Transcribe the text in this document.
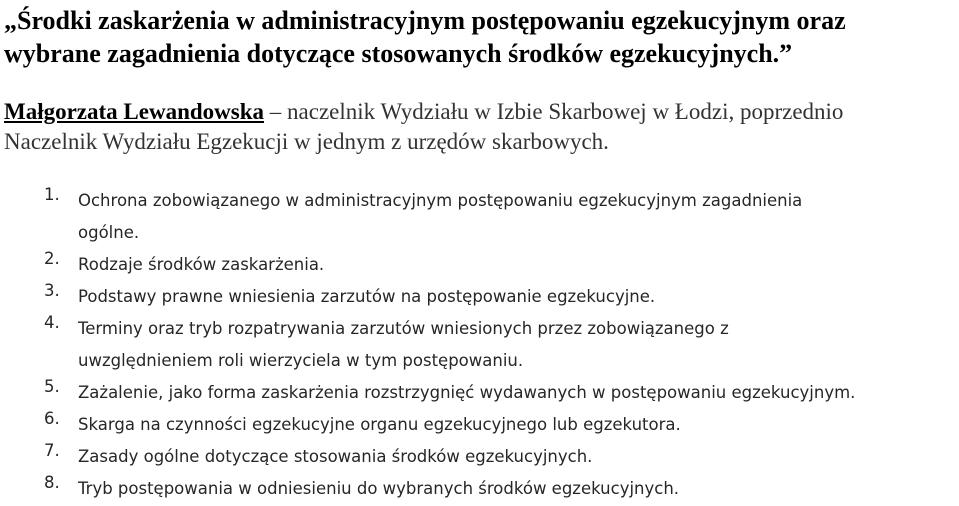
„Środki zaskarżenia w administracyjnym postępowaniu egzekucyjnym oraz
wybrane zagadnienia dotyczące stosowanych środków egzekucyjnych.”
Małgorzata Lewandowska – naczelnik Wydziału w Izbie Skarbowej w Łodzi, poprzednio
Naczelnik Wydziału Egzekucji w jednym z urzędów skarbowych.
1. Ochrona zobowiązanego w administracyjnym postępowaniu egzekucyjnym zagadnienia
ogólne.
2. Rodzaje środków zaskarżenia.
3. Podstawy prawne wniesienia zarzutów na postępowanie egzekucyjne.
4. Terminy oraz tryb rozpatrywania zarzutów wniesionych przez zobowiązanego z
uwzględnieniem roli wierzyciela w tym postępowaniu.
5. Zażalenie, jako forma zaskarżenia rozstrzygnięć wydawanych w postępowaniu egzekucyjnym.
6. Skarga na czynności egzekucyjne organu egzekucyjnego lub egzekutora.
7. Zasady ogólne dotyczące stosowania środków egzekucyjnych.
8. Tryb postępowania w odniesieniu do wybranych środków egzekucyjnych.
